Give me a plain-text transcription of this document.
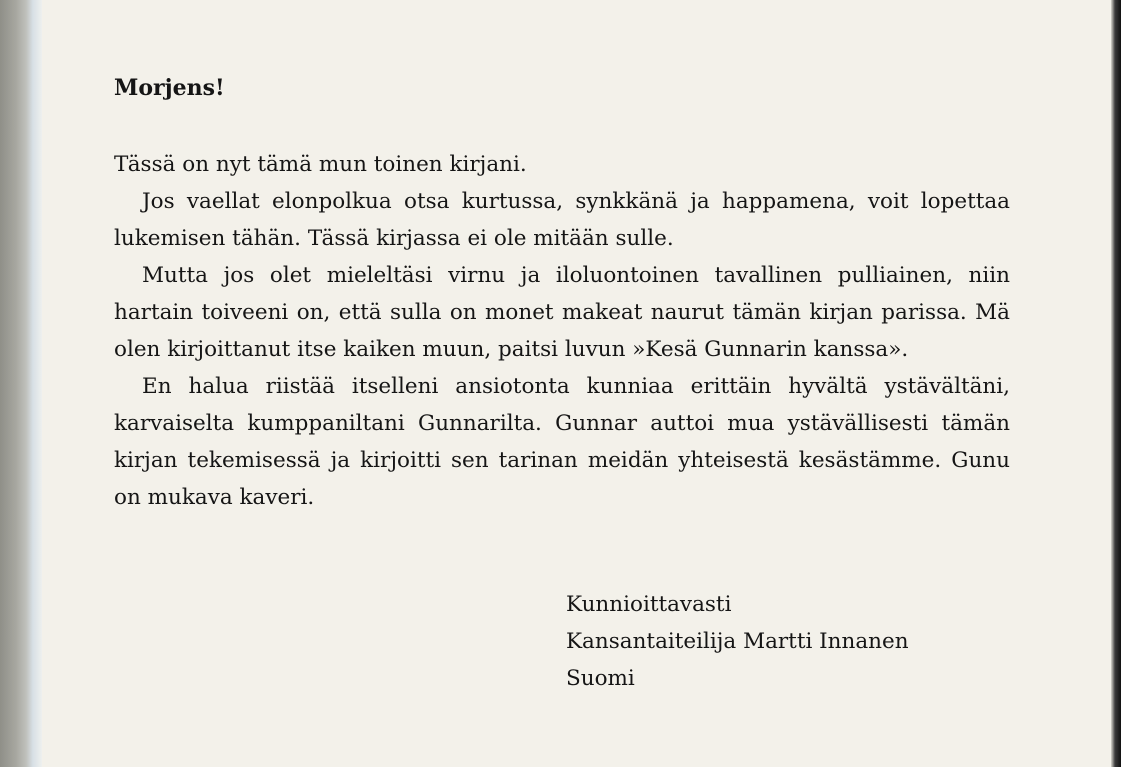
Morjens!

Tässä on nyt tämä mun toinen kirjani.

Jos vaellat elonpolkua otsa kurtussa, synkkänä ja happamena, voit lopettaa lukemisen tähän. Tässä kirjassa ei ole mitään sulle.

Mutta jos olet mieleltäsi virnu ja iloluontoinen tavallinen pulliainen, niin hartain toiveeni on, että sulla on monet makeat naurut tämän kirjan parissa. Mä olen kirjoittanut itse kaiken muun, paitsi luvun »Kesä Gunnarin kanssa».

En halua riistää itselleni ansiotonta kunniaa erittäin hyvältä ystävältäni, karvaiselta kumppaniltani Gunnarilta. Gunnar auttoi mua ystävällisesti tämän kirjan tekemisessä ja kirjoitti sen tarinan meidän yhteisestä kesästämme. Gunu on mukava kaveri.

Kunnioittavasti
Kansantaiteilija Martti Innanen
Suomi
